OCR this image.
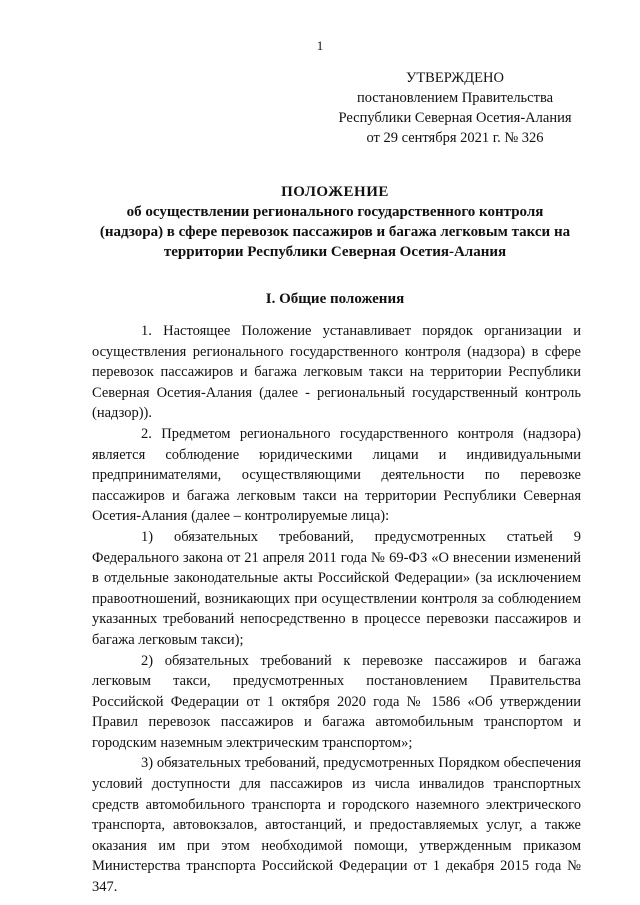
1
УТВЕРЖДЕНО
постановлением Правительства
Республики Северная Осетия-Алания
от 29 сентября 2021 г. № 326
ПОЛОЖЕНИЕ
об осуществлении регионального государственного контроля
(надзора) в сфере перевозок пассажиров и багажа легковым такси на
территории Республики Северная Осетия-Алания
I. Общие положения

1. Настоящее Положение устанавливает порядок организации и осуществления регионального государственного контроля (надзора) в сфере перевозок пассажиров и багажа легковым такси на территории Республики Северная Осетия-Алания (далее - региональный государственный контроль (надзор)).

2. Предметом регионального государственного контроля (надзора) является соблюдение юридическими лицами и индивидуальными предпринимателями, осуществляющими деятельности по перевозке пассажиров и багажа легковым такси на территории Республики Северная Осетия-Алания (далее – контролируемые лица):

1) обязательных требований, предусмотренных статьей 9 Федерального закона от 21 апреля 2011 года № 69-ФЗ «О внесении изменений в отдельные законодательные акты Российской Федерации» (за исключением правоотношений, возникающих при осуществлении контроля за соблюдением указанных требований непосредственно в процессе перевозки пассажиров и багажа легковым такси);

2) обязательных требований к перевозке пассажиров и багажа легковым такси, предусмотренных постановлением Правительства Российской Федерации от 1 октября 2020 года № 1586 «Об утверждении Правил перевозок пассажиров и багажа автомобильным транспортом и городским наземным электрическим транспортом»;

3) обязательных требований, предусмотренных Порядком обеспечения условий доступности для пассажиров из числа инвалидов транспортных средств автомобильного транспорта и городского наземного электрического транспорта, автовокзалов, автостанций, и предоставляемых услуг, а также оказания им при этом необходимой помощи, утвержденным приказом Министерства транспорта Российской Федерации от 1 декабря 2015 года № 347.
